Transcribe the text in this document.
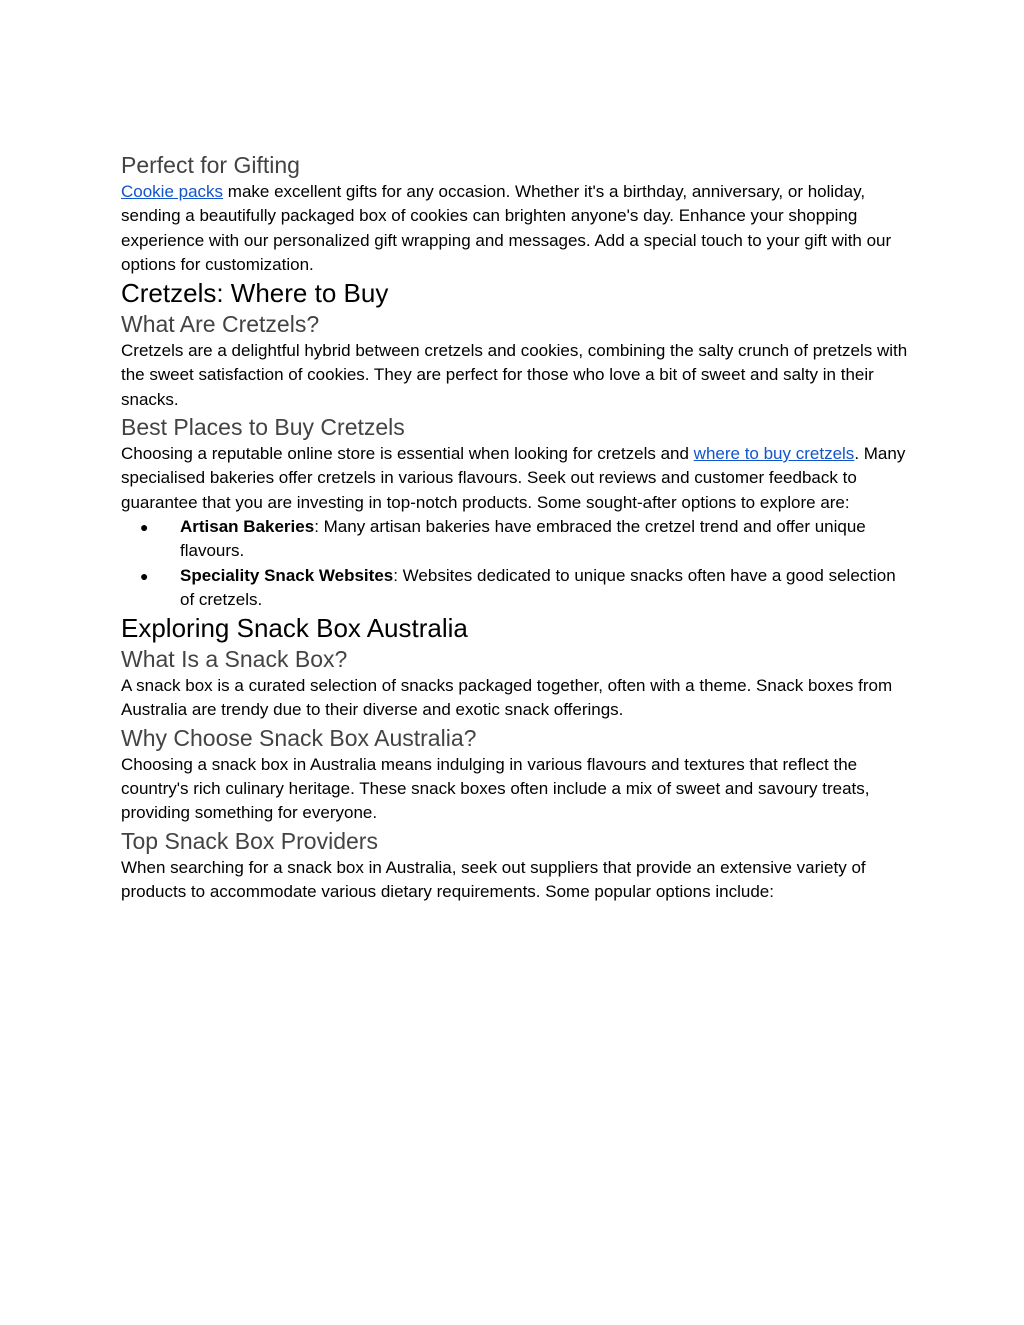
Perfect for Gifting

Cookie packs make excellent gifts for any occasion. Whether it's a birthday, anniversary, or holiday, sending a beautifully packaged box of cookies can brighten anyone's day. Enhance your shopping experience with our personalized gift wrapping and messages. Add a special touch to your gift with our options for customization.

Cretzels: Where to Buy
What Are Cretzels?

Cretzels are a delightful hybrid between cretzels and cookies, combining the salty crunch of pretzels with the sweet satisfaction of cookies. They are perfect for those who love a bit of sweet and salty in their snacks.

Best Places to Buy Cretzels

Choosing a reputable online store is essential when looking for cretzels and where to buy cretzels. Many specialised bakeries offer cretzels in various flavours. Seek out reviews and customer feedback to guarantee that you are investing in top-notch products. Some sought-after options to explore are:

● Artisan Bakeries: Many artisan bakeries have embraced the cretzel trend and offer unique flavours.
● Speciality Snack Websites: Websites dedicated to unique snacks often have a good selection of cretzels.
Exploring Snack Box Australia
What Is a Snack Box?

A snack box is a curated selection of snacks packaged together, often with a theme. Snack boxes from Australia are trendy due to their diverse and exotic snack offerings.

Why Choose Snack Box Australia?

Choosing a snack box in Australia means indulging in various flavours and textures that reflect the country's rich culinary heritage. These snack boxes often include a mix of sweet and savoury treats, providing something for everyone.

Top Snack Box Providers

When searching for a snack box in Australia, seek out suppliers that provide an extensive variety of products to accommodate various dietary requirements. Some popular options include:
